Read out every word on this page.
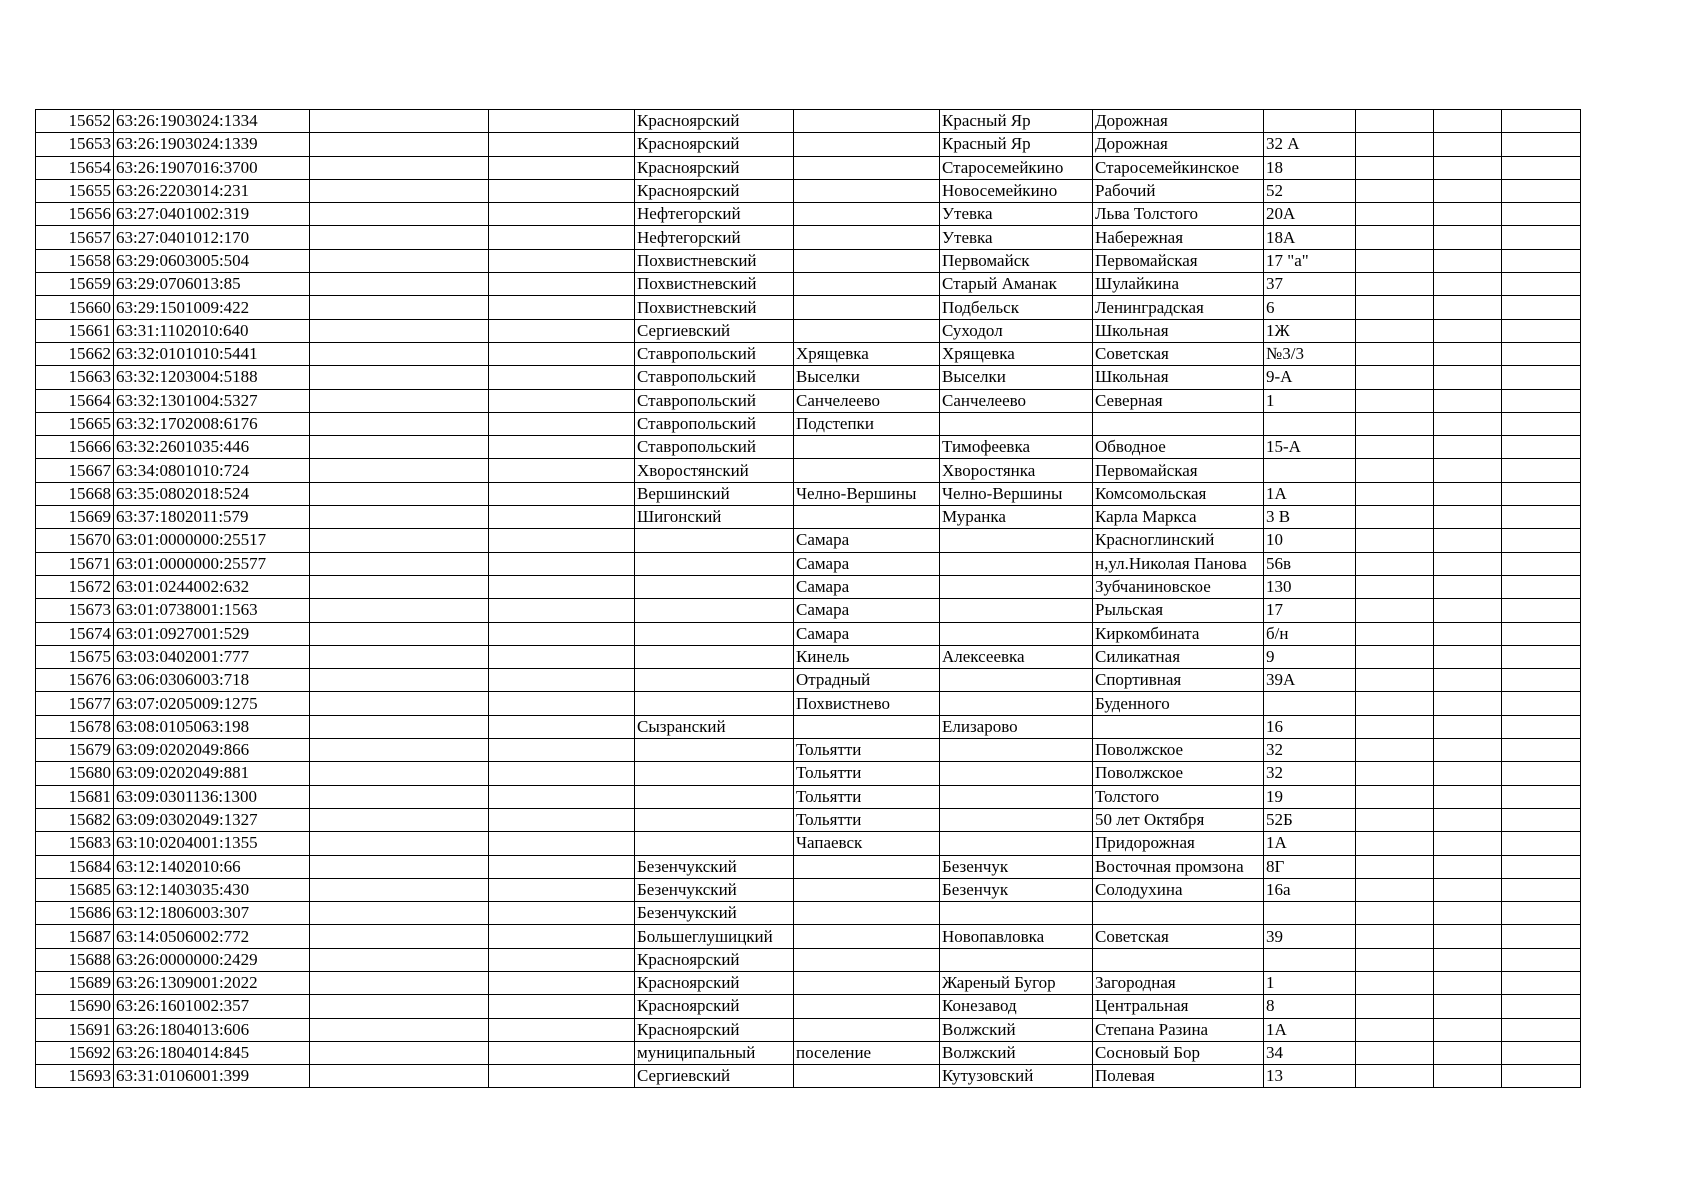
15652	63:26:1903024:1334			Красноярский		Красный Яр	Дорожная				
15653	63:26:1903024:1339			Красноярский		Красный Яр	Дорожная	32 А			
15654	63:26:1907016:3700			Красноярский		Старосемейкино	Старосемейкинское	18			
15655	63:26:2203014:231			Красноярский		Новосемейкино	Рабочий	52			
15656	63:27:0401002:319			Нефтегорский		Утевка	Льва Толстого	20А			
15657	63:27:0401012:170			Нефтегорский		Утевка	Набережная	18А			
15658	63:29:0603005:504			Похвистневский		Первомайск	Первомайская	17 "а"			
15659	63:29:0706013:85			Похвистневский		Старый Аманак	Шулайкина	37			
15660	63:29:1501009:422			Похвистневский		Подбельск	Ленинградская	6			
15661	63:31:1102010:640			Сергиевский		Суходол	Школьная	1Ж			
15662	63:32:0101010:5441			Ставропольский	Хрящевка	Хрящевка	Советская	№3/3			
15663	63:32:1203004:5188			Ставропольский	Выселки	Выселки	Школьная	9-А			
15664	63:32:1301004:5327			Ставропольский	Санчелеево	Санчелеево	Северная	1			
15665	63:32:1702008:6176			Ставропольский	Подстепки						
15666	63:32:2601035:446			Ставропольский		Тимофеевка	Обводное	15-А			
15667	63:34:0801010:724			Хворостянский		Хворостянка	Первомайская				
15668	63:35:0802018:524			Вершинский	Челно-Вершины	Челно-Вершины	Комсомольская	1А			
15669	63:37:1802011:579			Шигонский		Муранка	Карла Маркса	3 В			
15670	63:01:0000000:25517				Самара		Красноглинский	10			
15671	63:01:0000000:25577				Самара		н,ул.Николая Панова	56в			
15672	63:01:0244002:632				Самара		Зубчаниновское	130			
15673	63:01:0738001:1563				Самара		Рыльская	17			
15674	63:01:0927001:529				Самара		Киркомбината	б/н			
15675	63:03:0402001:777				Кинель	Алексеевка	Силикатная	9			
15676	63:06:0306003:718				Отрадный		Спортивная	39А			
15677	63:07:0205009:1275				Похвистнево		Буденного				
15678	63:08:0105063:198			Сызранский		Елизарово		16			
15679	63:09:0202049:866				Тольятти		Поволжское	32			
15680	63:09:0202049:881				Тольятти		Поволжское	32			
15681	63:09:0301136:1300				Тольятти		Толстого	19			
15682	63:09:0302049:1327				Тольятти		50 лет Октября	52Б			
15683	63:10:0204001:1355				Чапаевск		Придорожная	1А			
15684	63:12:1402010:66			Безенчукский		Безенчук	Восточная промзона	8Г			
15685	63:12:1403035:430			Безенчукский		Безенчук	Солодухина	16а			
15686	63:12:1806003:307			Безенчукский							
15687	63:14:0506002:772			Большеглушицкий		Новопавловка	Советская	39			
15688	63:26:0000000:2429			Красноярский							
15689	63:26:1309001:2022			Красноярский		Жареный Бугор	Загородная	1			
15690	63:26:1601002:357			Красноярский		Конезавод	Центральная	8			
15691	63:26:1804013:606			Красноярский		Волжский	Степана Разина	1А			
15692	63:26:1804014:845			муниципальный	поселение	Волжский	Сосновый Бор	34			
15693	63:31:0106001:399			Сергиевский		Кутузовский	Полевая	13			
